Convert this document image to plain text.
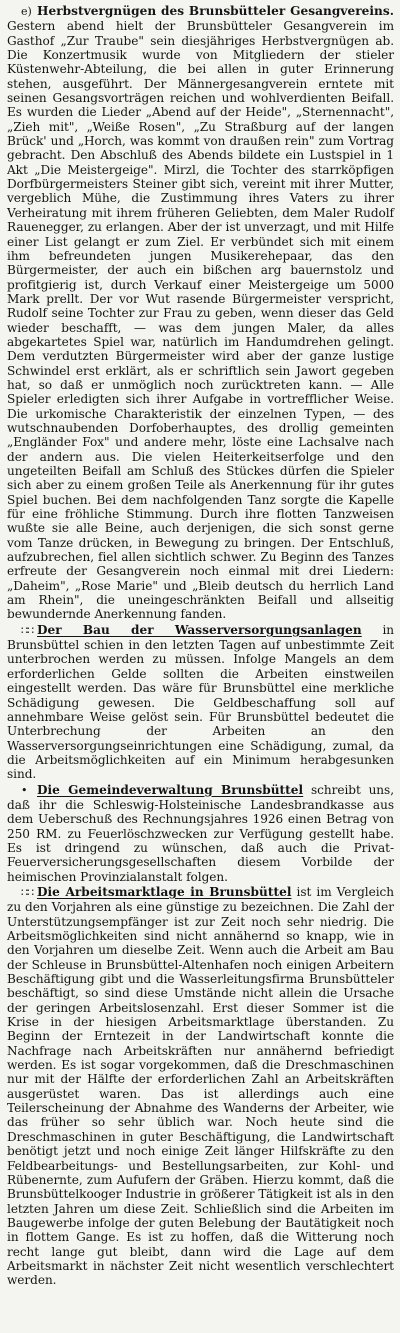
e) Herbstvergnügen des Brunsbütteler Gesangvereins. Gestern abend hielt der Brunsbütteler Gesangverein im Gasthof „Zur Traube" sein diesjähriges Herbstvergnügen ab. Die Konzertmusik wurde von Mitgliedern der stieler Küstenwehr-Abteilung, die bei allen in guter Erinnerung stehen, ausgeführt. Der Männergesangverein erntete mit seinen Gesangsvorträgen reichen und wohlverdienten Beifall. Es wurden die Lieder „Abend auf der Heide", „Sternennacht", „Zieh mit", „Weiße Rosen", „Zu Straßburg auf der langen Brück' und „Horch, was kommt von draußen rein" zum Vortrag gebracht. Den Abschluß des Abends bildete ein Lustspiel in 1 Akt „Die Meistergeige". Mirzl, die Tochter des starrköpfigen Dorfbürgermeisters Steiner gibt sich, vereint mit ihrer Mutter, vergeblich Mühe, die Zustimmung ihres Vaters zu ihrer Verheiratung mit ihrem früheren Geliebten, dem Maler Rudolf Rauenegger, zu erlangen. Aber der ist unverzagt, und mit Hilfe einer List gelangt er zum Ziel. Er verbündet sich mit einem ihm befreundeten jungen Musikerehepaar, das den Bürgermeister, der auch ein bißchen arg bauernstolz und profitgierig ist, durch Verkauf einer Meistergeige um 5000 Mark prellt. Der vor Wut rasende Bürgermeister verspricht, Rudolf seine Tochter zur Frau zu geben, wenn dieser das Geld wieder beschafft, — was dem jungen Maler, da alles abgekartetes Spiel war, natürlich im Handumdrehen gelingt. Dem verdutzten Bürgermeister wird aber der ganze lustige Schwindel erst erklärt, als er schriftlich sein Jawort gegeben hat, so daß er unmöglich noch zurücktreten kann. — Alle Spieler erledigten sich ihrer Aufgabe in vortrefflicher Weise. Die urkomische Charakteristik der einzelnen Typen, — des wutschnaubenden Dorfoberhauptes, des drollig gemeinten „Engländer Fox" und andere mehr, löste eine Lachsalve nach der andern aus. Die vielen Heiterkeitserfolge und den ungeteilten Beifall am Schluß des Stückes dürfen die Spieler sich aber zu einem großen Teile als Anerkennung für ihr gutes Spiel buchen. Bei dem nachfolgenden Tanz sorgte die Kapelle für eine fröhliche Stimmung. Durch ihre flotten Tanzweisen wußte sie alle Beine, auch derjenigen, die sich sonst gerne vom Tanze drücken, in Bewegung zu bringen. Der Entschluß, aufzubrechen, fiel allen sichtlich schwer. Zu Beginn des Tanzes erfreute der Gesangverein noch einmal mit drei Liedern: „Daheim", „Rose Marie" und „Bleib deutsch du herrlich Land am Rhein", die uneingeschränkten Beifall und allseitig bewundernde Anerkennung fanden.

∷∷ Der Bau der Wasserversorgungsanlagen in Brunsbüttel schien in den letzten Tagen auf unbestimmte Zeit unterbrochen werden zu müssen. Infolge Mangels an dem erforderlichen Gelde sollten die Arbeiten einstweilen eingestellt werden. Das wäre für Brunsbüttel eine merkliche Schädigung gewesen. Die Geldbeschaffung soll auf annehmbare Weise gelöst sein. Für Brunsbüttel bedeutet die Unterbrechung der Arbeiten an den Wasserversorgungseinrichtungen eine Schädigung, zumal, da die Arbeitsmöglichkeiten auf ein Minimum herabgesunken sind.

• Die Gemeindeverwaltung Brunsbüttel schreibt uns, daß ihr die Schleswig-Holsteinische Landesbrandkasse aus dem Ueberschuß des Rechnungsjahres 1926 einen Betrag von 250 RM. zu Feuerlöschzwecken zur Verfügung gestellt habe. Es ist dringend zu wünschen, daß auch die Privat-Feuerversicherungsgesellschaften diesem Vorbilde der heimischen Provinzialanstalt folgen.

∷∷ Die Arbeitsmarktlage in Brunsbüttel ist im Vergleich zu den Vorjahren als eine günstige zu bezeichnen. Die Zahl der Unterstützungsempfänger ist zur Zeit noch sehr niedrig. Die Arbeitsmöglichkeiten sind nicht annähernd so knapp, wie in den Vorjahren um dieselbe Zeit. Wenn auch die Arbeit am Bau der Schleuse in Brunsbüttel-Altenhafen noch einigen Arbeitern Beschäftigung gibt und die Wasserleitungsfirma Brunsbütteler beschäftigt, so sind diese Umstände nicht allein die Ursache der geringen Arbeitslosenzahl. Erst dieser Sommer ist die Krise in der hiesigen Arbeitsmarktlage überstanden. Zu Beginn der Erntezeit in der Landwirtschaft konnte die Nachfrage nach Arbeitskräften nur annähernd befriedigt werden. Es ist sogar vorgekommen, daß die Dreschmaschinen nur mit der Hälfte der erforderlichen Zahl an Arbeitskräften ausgerüstet waren. Das ist allerdings auch eine Teilerscheinung der Abnahme des Wanderns der Arbeiter, wie das früher so sehr üblich war. Noch heute sind die Dreschmaschinen in guter Beschäftigung, die Landwirtschaft benötigt jetzt und noch einige Zeit länger Hilfskräfte zu den Feldbearbeitungs- und Bestellungsarbeiten, zur Kohl- und Rübenernte, zum Aufufern der Gräben. Hierzu kommt, daß die Brunsbüttelkooger Industrie in größerer Tätigkeit ist als in den letzten Jahren um diese Zeit. Schließlich sind die Arbeiten im Baugewerbe infolge der guten Belebung der Bautätigkeit noch in flottem Gange. Es ist zu hoffen, daß die Witterung noch recht lange gut bleibt, dann wird die Lage auf dem Arbeitsmarkt in nächster Zeit nicht wesentlich verschlechtert werden.
